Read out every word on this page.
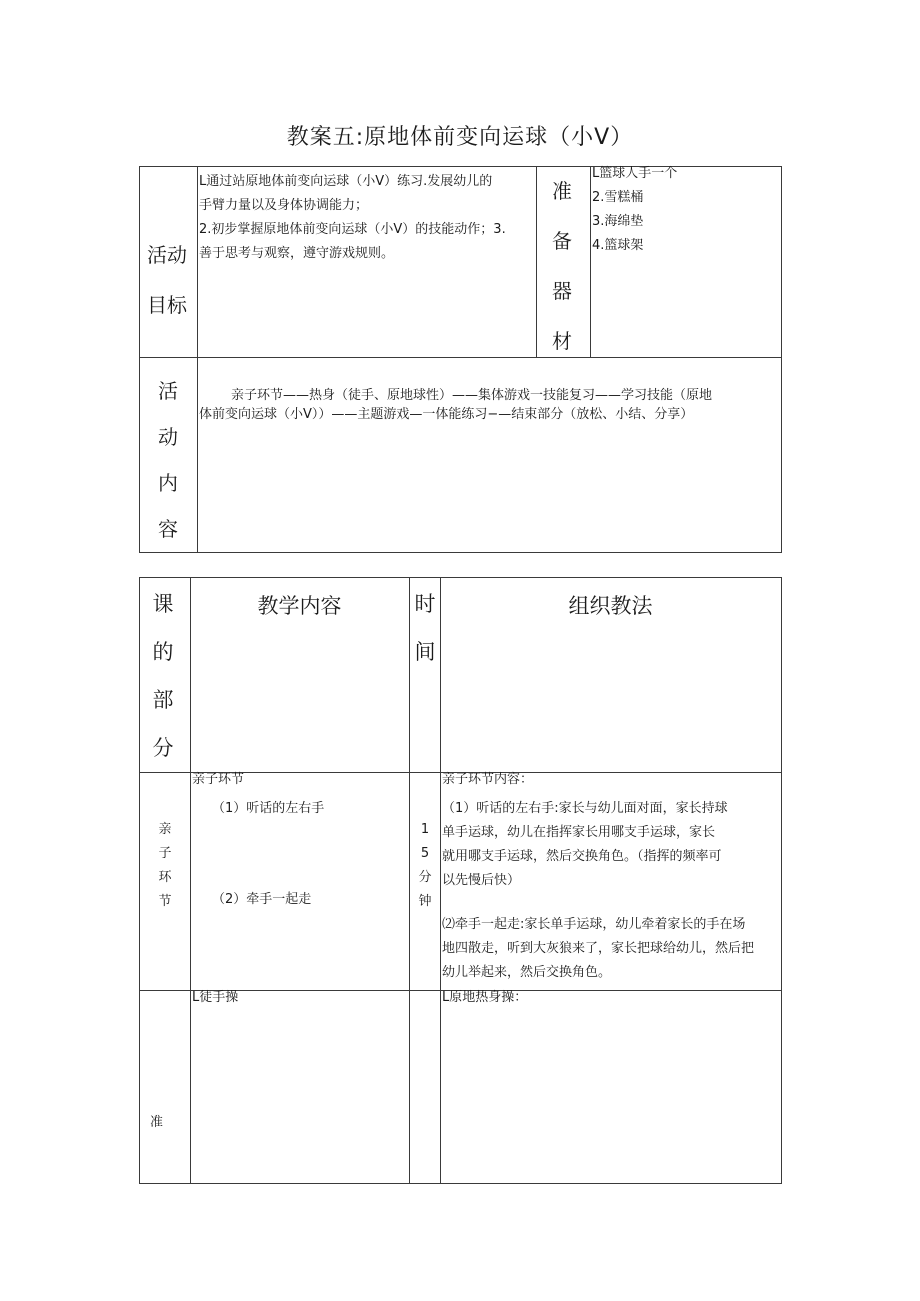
教案五:原地体前变向运球（小Ⅴ）
活动
目标
L通过站原地体前变向运球（小Ⅴ）练习.发展幼儿的
手臂力量以及身体协调能力；
2.初步掌握原地体前变向运球（小Ⅴ）的技能动作；3.
善于思考与观察，遵守游戏规则。
准
备
器
材
L篮球人手一个
2.雪糕桶
3.海绵垫
4.篮球架
活
动
内
容
亲子环节——热身（徒手、原地球性）——集体游戏一技能复习——学习技能（原地
体前变向运球（小Ⅴ））——主题游戏—一体能练习−—结束部分（放松、小结、分享）
课
的
部
分
教学内容	时
间
组织教法
亲
子
环
节
亲子环节
（1）听话的左右手
（2）牵手一起走
1
5
分
钟
亲子环节内容：
（1）听话的左右手:家长与幼儿面对面，家长持球
单手运球，幼儿在指挥家长用哪支手运球，家长
就用哪支手运球，然后交换角色。（指挥的频率可
以先慢后快）
⑵牵手一起走:家长单手运球，幼儿牵着家长的手在场
地四散走，听到大灰狼来了，家长把球给幼儿，然后把
幼儿举起来，然后交换角色。
准
L徒手操	L原地热身操：
